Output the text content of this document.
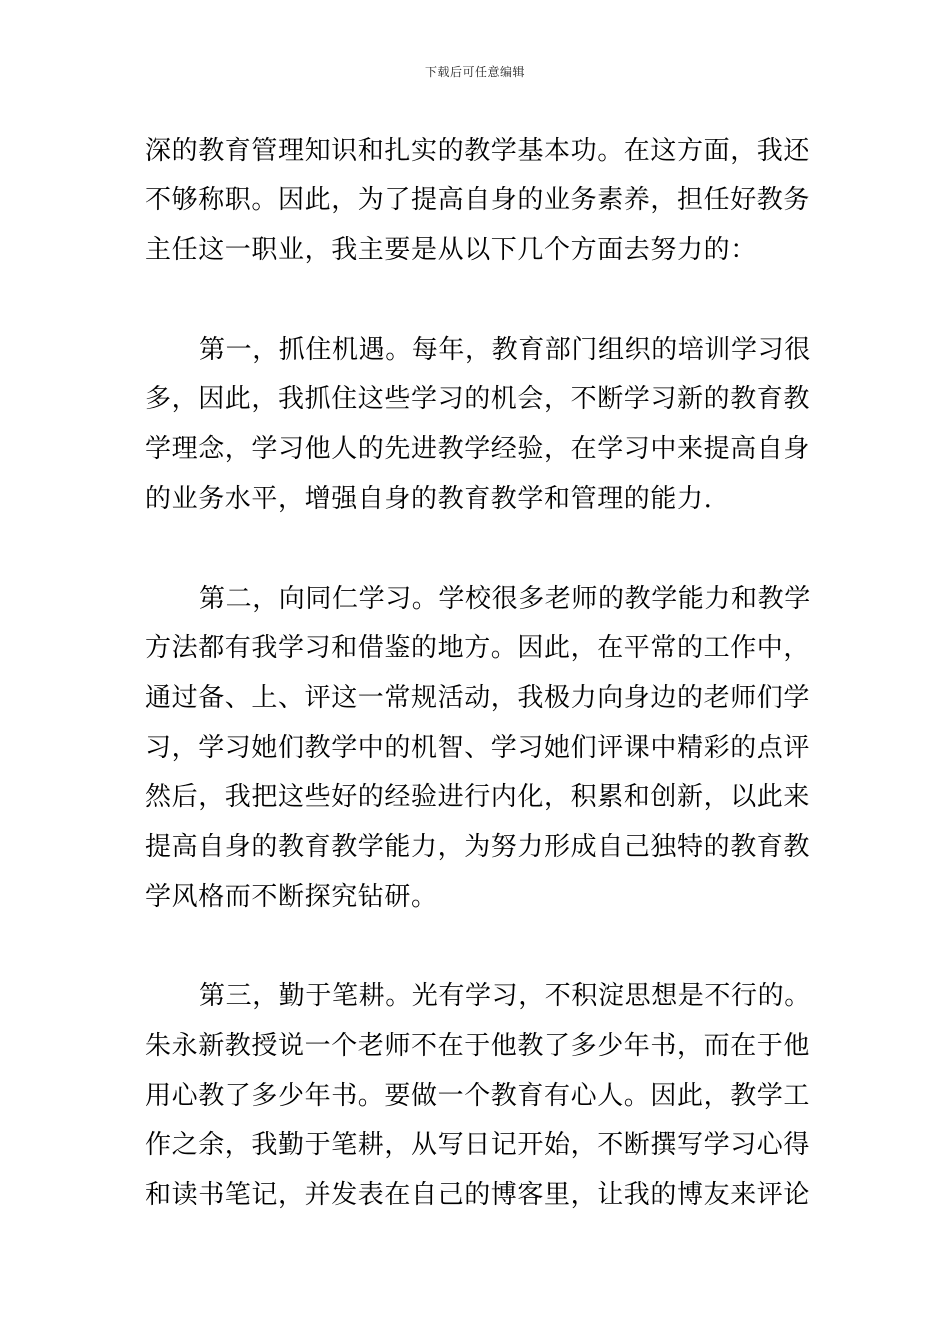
下载后可任意编辑
深的教育管理知识和扎实的教学基本功。在这方面，我还
不够称职。因此，为了提高自身的业务素养，担任好教务
主任这一职业，我主要是从以下几个方面去努力的：
第一，抓住机遇。每年，教育部门组织的培训学习很
多，因此，我抓住这些学习的机会，不断学习新的教育教
学理念，学习他人的先进教学经验，在学习中来提高自身
的业务水平，增强自身的教育教学和管理的能力.
第二，向同仁学习。学校很多老师的教学能力和教学
方法都有我学习和借鉴的地方。因此，在平常的工作中，
通过备、上、评这一常规活动，我极力向身边的老师们学
习，学习她们教学中的机智、学习她们评课中精彩的点评
然后，我把这些好的经验进行内化，积累和创新，以此来
提高自身的教育教学能力，为努力形成自己独特的教育教
学风格而不断探究钻研。
第三，勤于笔耕。光有学习，不积淀思想是不行的。
朱永新教授说一个老师不在于他教了多少年书，而在于他
用心教了多少年书。要做一个教育有心人。因此，教学工
作之余，我勤于笔耕，从写日记开始，不断撰写学习心得
和读书笔记，并发表在自己的博客里，让我的博友来评论
